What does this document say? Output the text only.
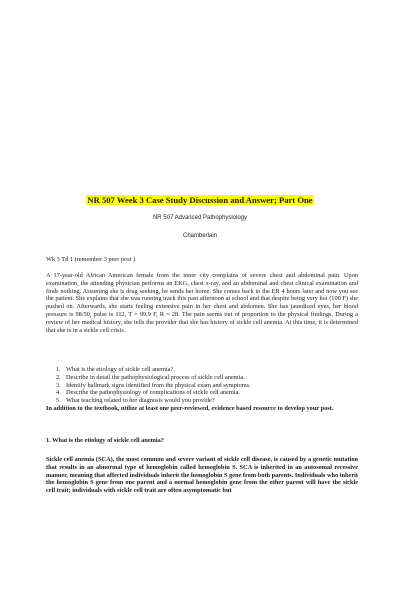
NR 507 Week 3 Case Study Discussion and Answer; Part One
NR 507 Advanced Pathophysiology
Chamberlain
Wk 3 Td 1 (remember 3 peer post )
A 17-year-old African American female from the inner city complains of severe chest and abdominal pain. Upon examination, the attending physician performs an EKG, chest x-ray, and an abdominal and chest clinical examination and finds nothing. Assuming she is drug seeking, he sends her home. She comes back to the ER 4 hours later and now you see the patient. She explains that she was running track this past afternoon at school and that despite being very hot (100 F) she pushed on. Afterwards, she starts feeling extensive pain in her chest and abdomen. She has jaundiced eyes, her blood pressure is 98/50, pulse is 112, T = 99.9 F, R = 28. The pain seems out of proportion to the physical findings. During a review of her medical history, she tells the provider that she has history of sickle cell anemia. At this time, it is determined that she is in a sickle cell crisis.
1. What is the etiology of sickle cell anemia?
2. Describe in detail the pathophysiological process of sickle cell anemia.
3. Identify hallmark signs identified from the physical exam and symptoms.
4. Describe the pathophysiology of complications of sickle cell anemia.
5. What teaching related to her diagnosis would you provide?
In addition to the textbook, utilize at least one peer-reviewed, evidence based resource to develop your post.
1. What is the etiology of sickle cell anemia?
Sickle cell anemia (SCA), the most common and severe variant of sickle cell disease, is caused by a genetic mutation that results in an abnormal type of hemoglobin called hemoglobin S. SCA is inherited in an autosomal recessive manner, meaning that affected individuals inherit the hemoglobin S gene from both parents. Individuals who inherit the hemoglobin S gene from one parent and a normal hemoglobin gene from the other parent will have the sickle cell trait; individuals with sickle cell trait are often asymptomatic but
